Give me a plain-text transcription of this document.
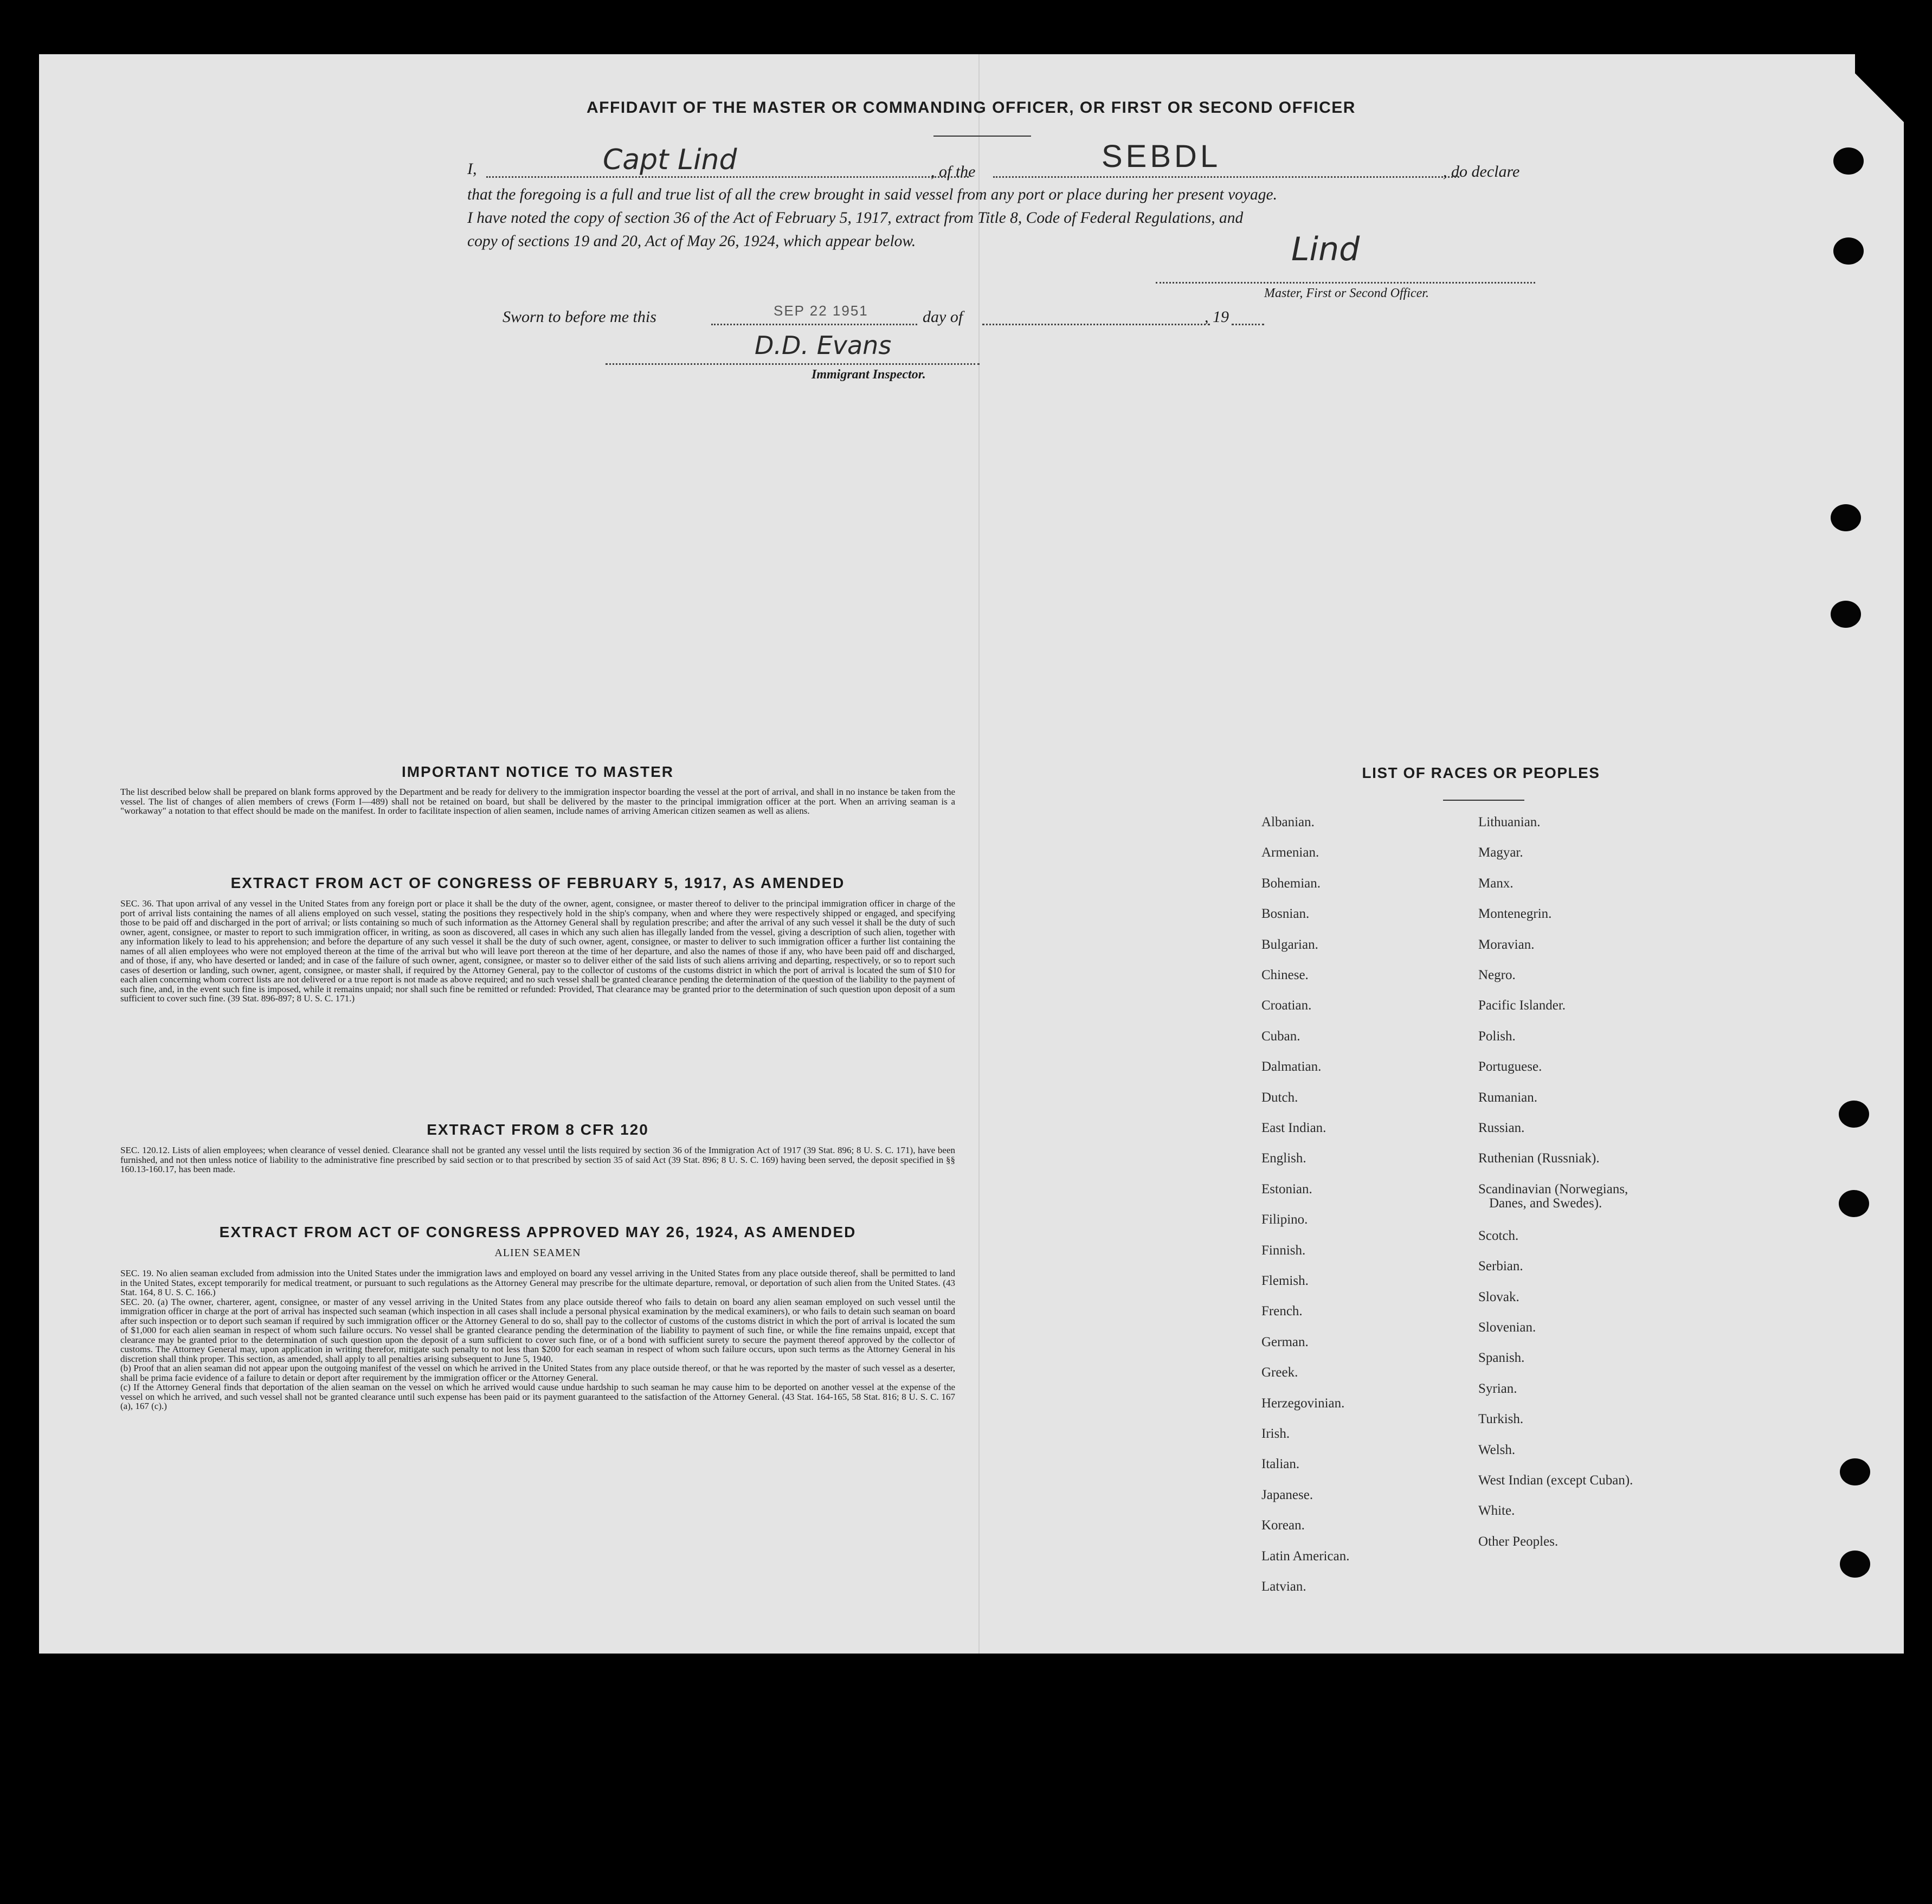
AFFIDAVIT OF THE MASTER OR COMMANDING OFFICER, OR FIRST OR SECOND OFFICER
I,	Capt Lind	, of the	SEBDL	, do declare
that the foregoing is a full and true list of all the crew brought in said vessel from any port or place during her present voyage.
I have noted the copy of section 36 of the Act of February 5, 1917, extract from Title 8, Code of Federal Regulations, and
copy of sections 19 and 20, Act of May 26, 1924, which appear below.	Lind
Master, First or Second Officer.
Sworn to before me this	SEP 22 1951	day of	, 19
D.D. Evans
Immigrant Inspector.
IMPORTANT NOTICE TO MASTER
The list described below shall be prepared on blank forms approved by the Department and be ready for delivery to the immigration inspector boarding the vessel at the port of arrival, and shall in no instance be taken from the vessel. The list of changes of alien members of crews (Form I—489) shall not be retained on board, but shall be delivered by the master to the principal immigration officer at the port. When an arriving seaman is a "workaway" a notation to that effect should be made on the manifest. In order to facilitate inspection of alien seamen, include names of arriving American citizen seamen as well as aliens.
EXTRACT FROM ACT OF CONGRESS OF FEBRUARY 5, 1917, AS AMENDED
SEC. 36. That upon arrival of any vessel in the United States from any foreign port or place it shall be the duty of the owner, agent, consignee, or master thereof to deliver to the principal immigration officer in charge of the port of arrival lists containing the names of all aliens employed on such vessel, stating the positions they respectively hold in the ship's company, when and where they were respectively shipped or engaged, and specifying those to be paid off and discharged in the port of arrival; or lists containing so much of such information as the Attorney General shall by regulation prescribe; and after the arrival of any such vessel it shall be the duty of such owner, agent, consignee, or master to report to such immigration officer, in writing, as soon as discovered, all cases in which any such alien has illegally landed from the vessel, giving a description of such alien, together with any information likely to lead to his apprehension; and before the departure of any such vessel it shall be the duty of such owner, agent, consignee, or master to deliver to such immigration officer a further list containing the names of all alien employees who were not employed thereon at the time of the arrival but who will leave port thereon at the time of her departure, and also the names of those if any, who have been paid off and discharged, and of those, if any, who have deserted or landed; and in case of the failure of such owner, agent, consignee, or master so to deliver either of the said lists of such aliens arriving and departing, respectively, or so to report such cases of desertion or landing, such owner, agent, consignee, or master shall, if required by the Attorney General, pay to the collector of customs of the customs district in which the port of arrival is located the sum of $10 for each alien concerning whom correct lists are not delivered or a true report is not made as above required; and no such vessel shall be granted clearance pending the determination of the question of the liability to the payment of such fine, and, in the event such fine is imposed, while it remains unpaid; nor shall such fine be remitted or refunded: Provided, That clearance may be granted prior to the determination of such question upon deposit of a sum sufficient to cover such fine. (39 Stat. 896-897; 8 U. S. C. 171.)
EXTRACT FROM 8 CFR 120
SEC. 120.12. Lists of alien employees; when clearance of vessel denied. Clearance shall not be granted any vessel until the lists required by section 36 of the Immigration Act of 1917 (39 Stat. 896; 8 U. S. C. 171), have been furnished, and not then unless notice of liability to the administrative fine prescribed by said section or to that prescribed by section 35 of said Act (39 Stat. 896; 8 U. S. C. 169) having been served, the deposit specified in §§ 160.13-160.17, has been made.
EXTRACT FROM ACT OF CONGRESS APPROVED MAY 26, 1924, AS AMENDED
ALIEN SEAMEN
SEC. 19. No alien seaman excluded from admission into the United States under the immigration laws and employed on board any vessel arriving in the United States from any place outside thereof, shall be permitted to land in the United States, except temporarily for medical treatment, or pursuant to such regulations as the Attorney General may prescribe for the ultimate departure, removal, or deportation of such alien from the United States. (43 Stat. 164, 8 U. S. C. 166.)
SEC. 20. (a) The owner, charterer, agent, consignee, or master of any vessel arriving in the United States from any place outside thereof who fails to detain on board any alien seaman employed on such vessel until the immigration officer in charge at the port of arrival has inspected such seaman (which inspection in all cases shall include a personal physical examination by the medical examiners), or who fails to detain such seaman on board after such inspection or to deport such seaman if required by such immigration officer or the Attorney General to do so, shall pay to the collector of customs of the customs district in which the port of arrival is located the sum of $1,000 for each alien seaman in respect of whom such failure occurs. No vessel shall be granted clearance pending the determination of the liability to payment of such fine, or while the fine remains unpaid, except that clearance may be granted prior to the determination of such question upon the deposit of a sum sufficient to cover such fine, or of a bond with sufficient surety to secure the payment thereof approved by the collector of customs. The Attorney General may, upon application in writing therefor, mitigate such penalty to not less than $200 for each seaman in respect of whom such failure occurs, upon such terms as the Attorney General in his discretion shall think proper. This section, as amended, shall apply to all penalties arising subsequent to June 5, 1940.
(b) Proof that an alien seaman did not appear upon the outgoing manifest of the vessel on which he arrived in the United States from any place outside thereof, or that he was reported by the master of such vessel as a deserter, shall be prima facie evidence of a failure to detain or deport after requirement by the immigration officer or the Attorney General.
(c) If the Attorney General finds that deportation of the alien seaman on the vessel on which he arrived would cause undue hardship to such seaman he may cause him to be deported on another vessel at the expense of the vessel on which he arrived, and such vessel shall not be granted clearance until such expense has been paid or its payment guaranteed to the satisfaction of the Attorney General. (43 Stat. 164-165, 58 Stat. 816; 8 U. S. C. 167 (a), 167 (c).)
LIST OF RACES OR PEOPLES
Albanian.
Armenian.
Bohemian.
Bosnian.
Bulgarian.
Chinese.
Croatian.
Cuban.
Dalmatian.
Dutch.
East Indian.
English.
Estonian.
Filipino.
Finnish.
Flemish.
French.
German.
Greek.
Herzegovinian.
Irish.
Italian.
Japanese.
Korean.
Latin American.
Latvian.
Lithuanian.
Magyar.
Manx.
Montenegrin.
Moravian.
Negro.
Pacific Islander.
Polish.
Portuguese.
Rumanian.
Russian.
Ruthenian (Russniak).
Scandinavian (Norwegians,
Danes, and Swedes).
Scotch.
Serbian.
Slovak.
Slovenian.
Spanish.
Syrian.
Turkish.
Welsh.
West Indian (except Cuban).
White.
Other Peoples.
